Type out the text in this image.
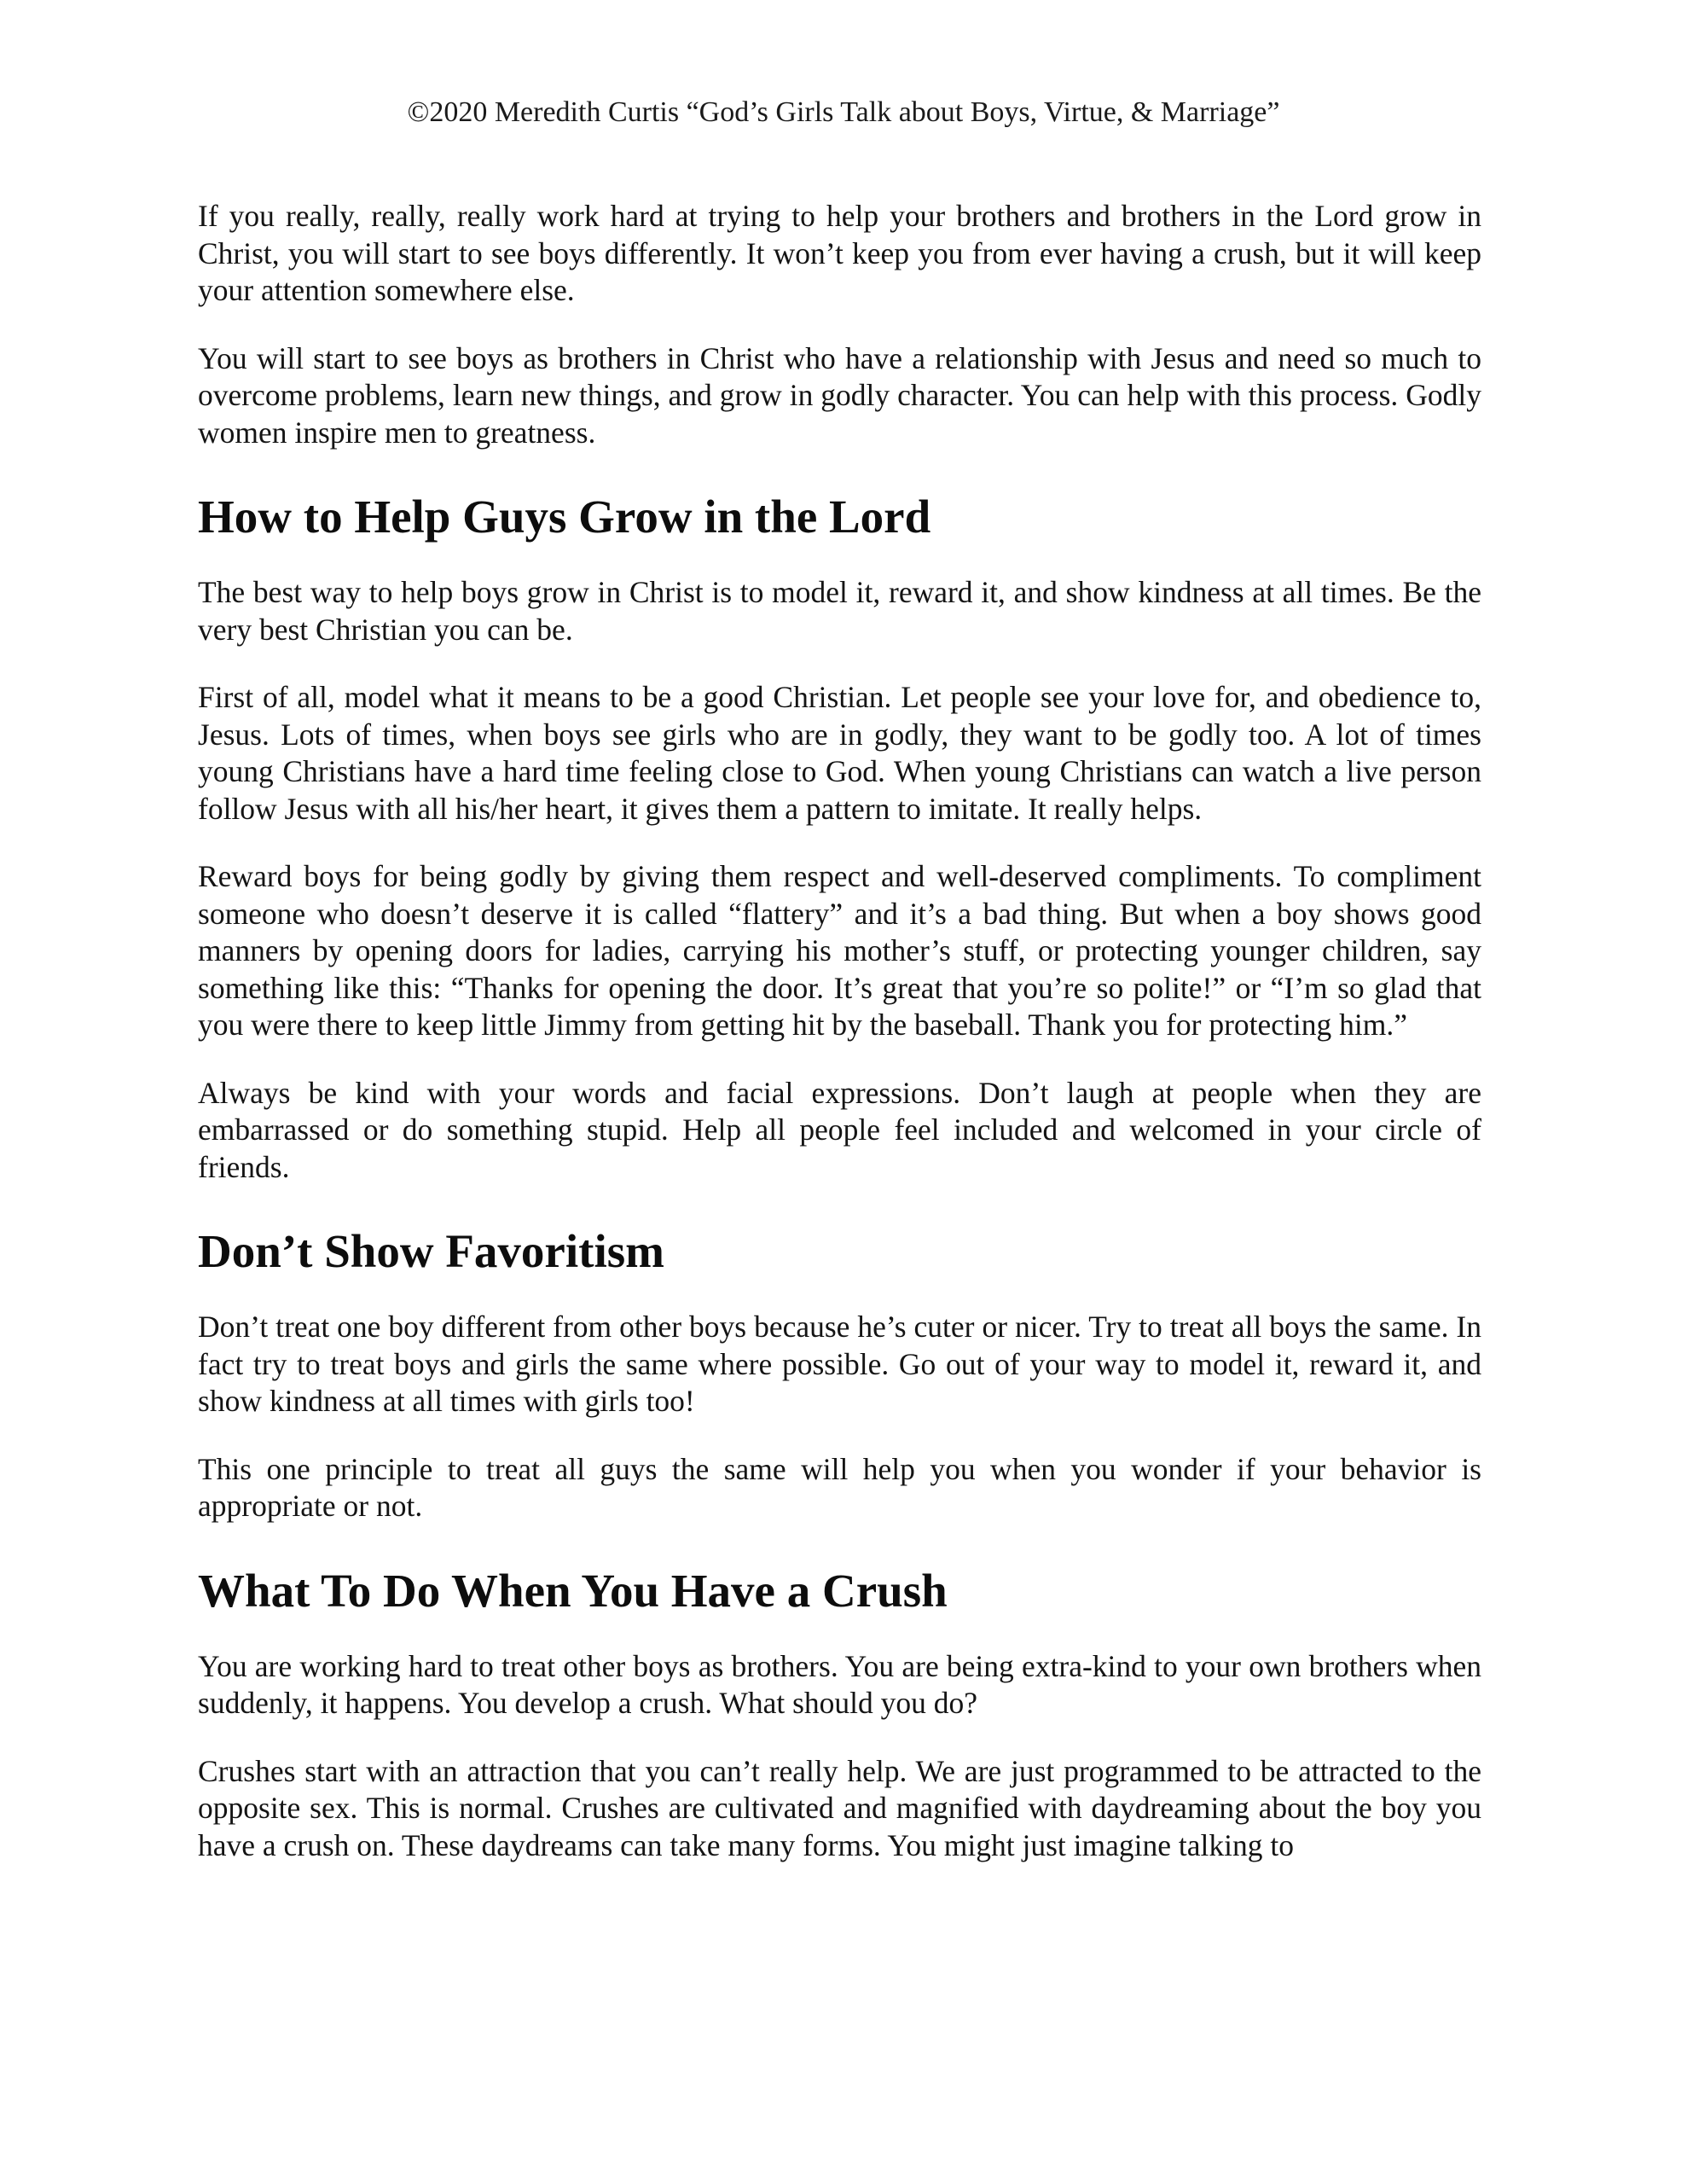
©2020 Meredith Curtis “God’s Girls Talk about Boys, Virtue, & Marriage”

If you really, really, really work hard at trying to help your brothers and brothers in the Lord grow in Christ, you will start to see boys differently. It won’t keep you from ever having a crush, but it will keep your attention somewhere else.

You will start to see boys as brothers in Christ who have a relationship with Jesus and need so much to overcome problems, learn new things, and grow in godly character. You can help with this process. Godly women inspire men to greatness.

How to Help Guys Grow in the Lord

The best way to help boys grow in Christ is to model it, reward it, and show kindness at all times. Be the very best Christian you can be.

First of all, model what it means to be a good Christian. Let people see your love for, and obedience to, Jesus. Lots of times, when boys see girls who are in godly, they want to be godly too. A lot of times young Christians have a hard time feeling close to God. When young Christians can watch a live person follow Jesus with all his/her heart, it gives them a pattern to imitate. It really helps.

Reward boys for being godly by giving them respect and well-deserved compliments. To compliment someone who doesn’t deserve it is called “flattery” and it’s a bad thing. But when a boy shows good manners by opening doors for ladies, carrying his mother’s stuff, or protecting younger children, say something like this: “Thanks for opening the door. It’s great that you’re so polite!” or “I’m so glad that you were there to keep little Jimmy from getting hit by the baseball. Thank you for protecting him.”

Always be kind with your words and facial expressions. Don’t laugh at people when they are embarrassed or do something stupid. Help all people feel included and welcomed in your circle of friends.

Don’t Show Favoritism

Don’t treat one boy different from other boys because he’s cuter or nicer. Try to treat all boys the same. In fact try to treat boys and girls the same where possible. Go out of your way to model it, reward it, and show kindness at all times with girls too!

This one principle to treat all guys the same will help you when you wonder if your behavior is appropriate or not.

What To Do When You Have a Crush

You are working hard to treat other boys as brothers. You are being extra-kind to your own brothers when suddenly, it happens. You develop a crush. What should you do?

Crushes start with an attraction that you can’t really help. We are just programmed to be attracted to the opposite sex. This is normal. Crushes are cultivated and magnified with daydreaming about the boy you have a crush on. These daydreams can take many forms. You might just imagine talking to
